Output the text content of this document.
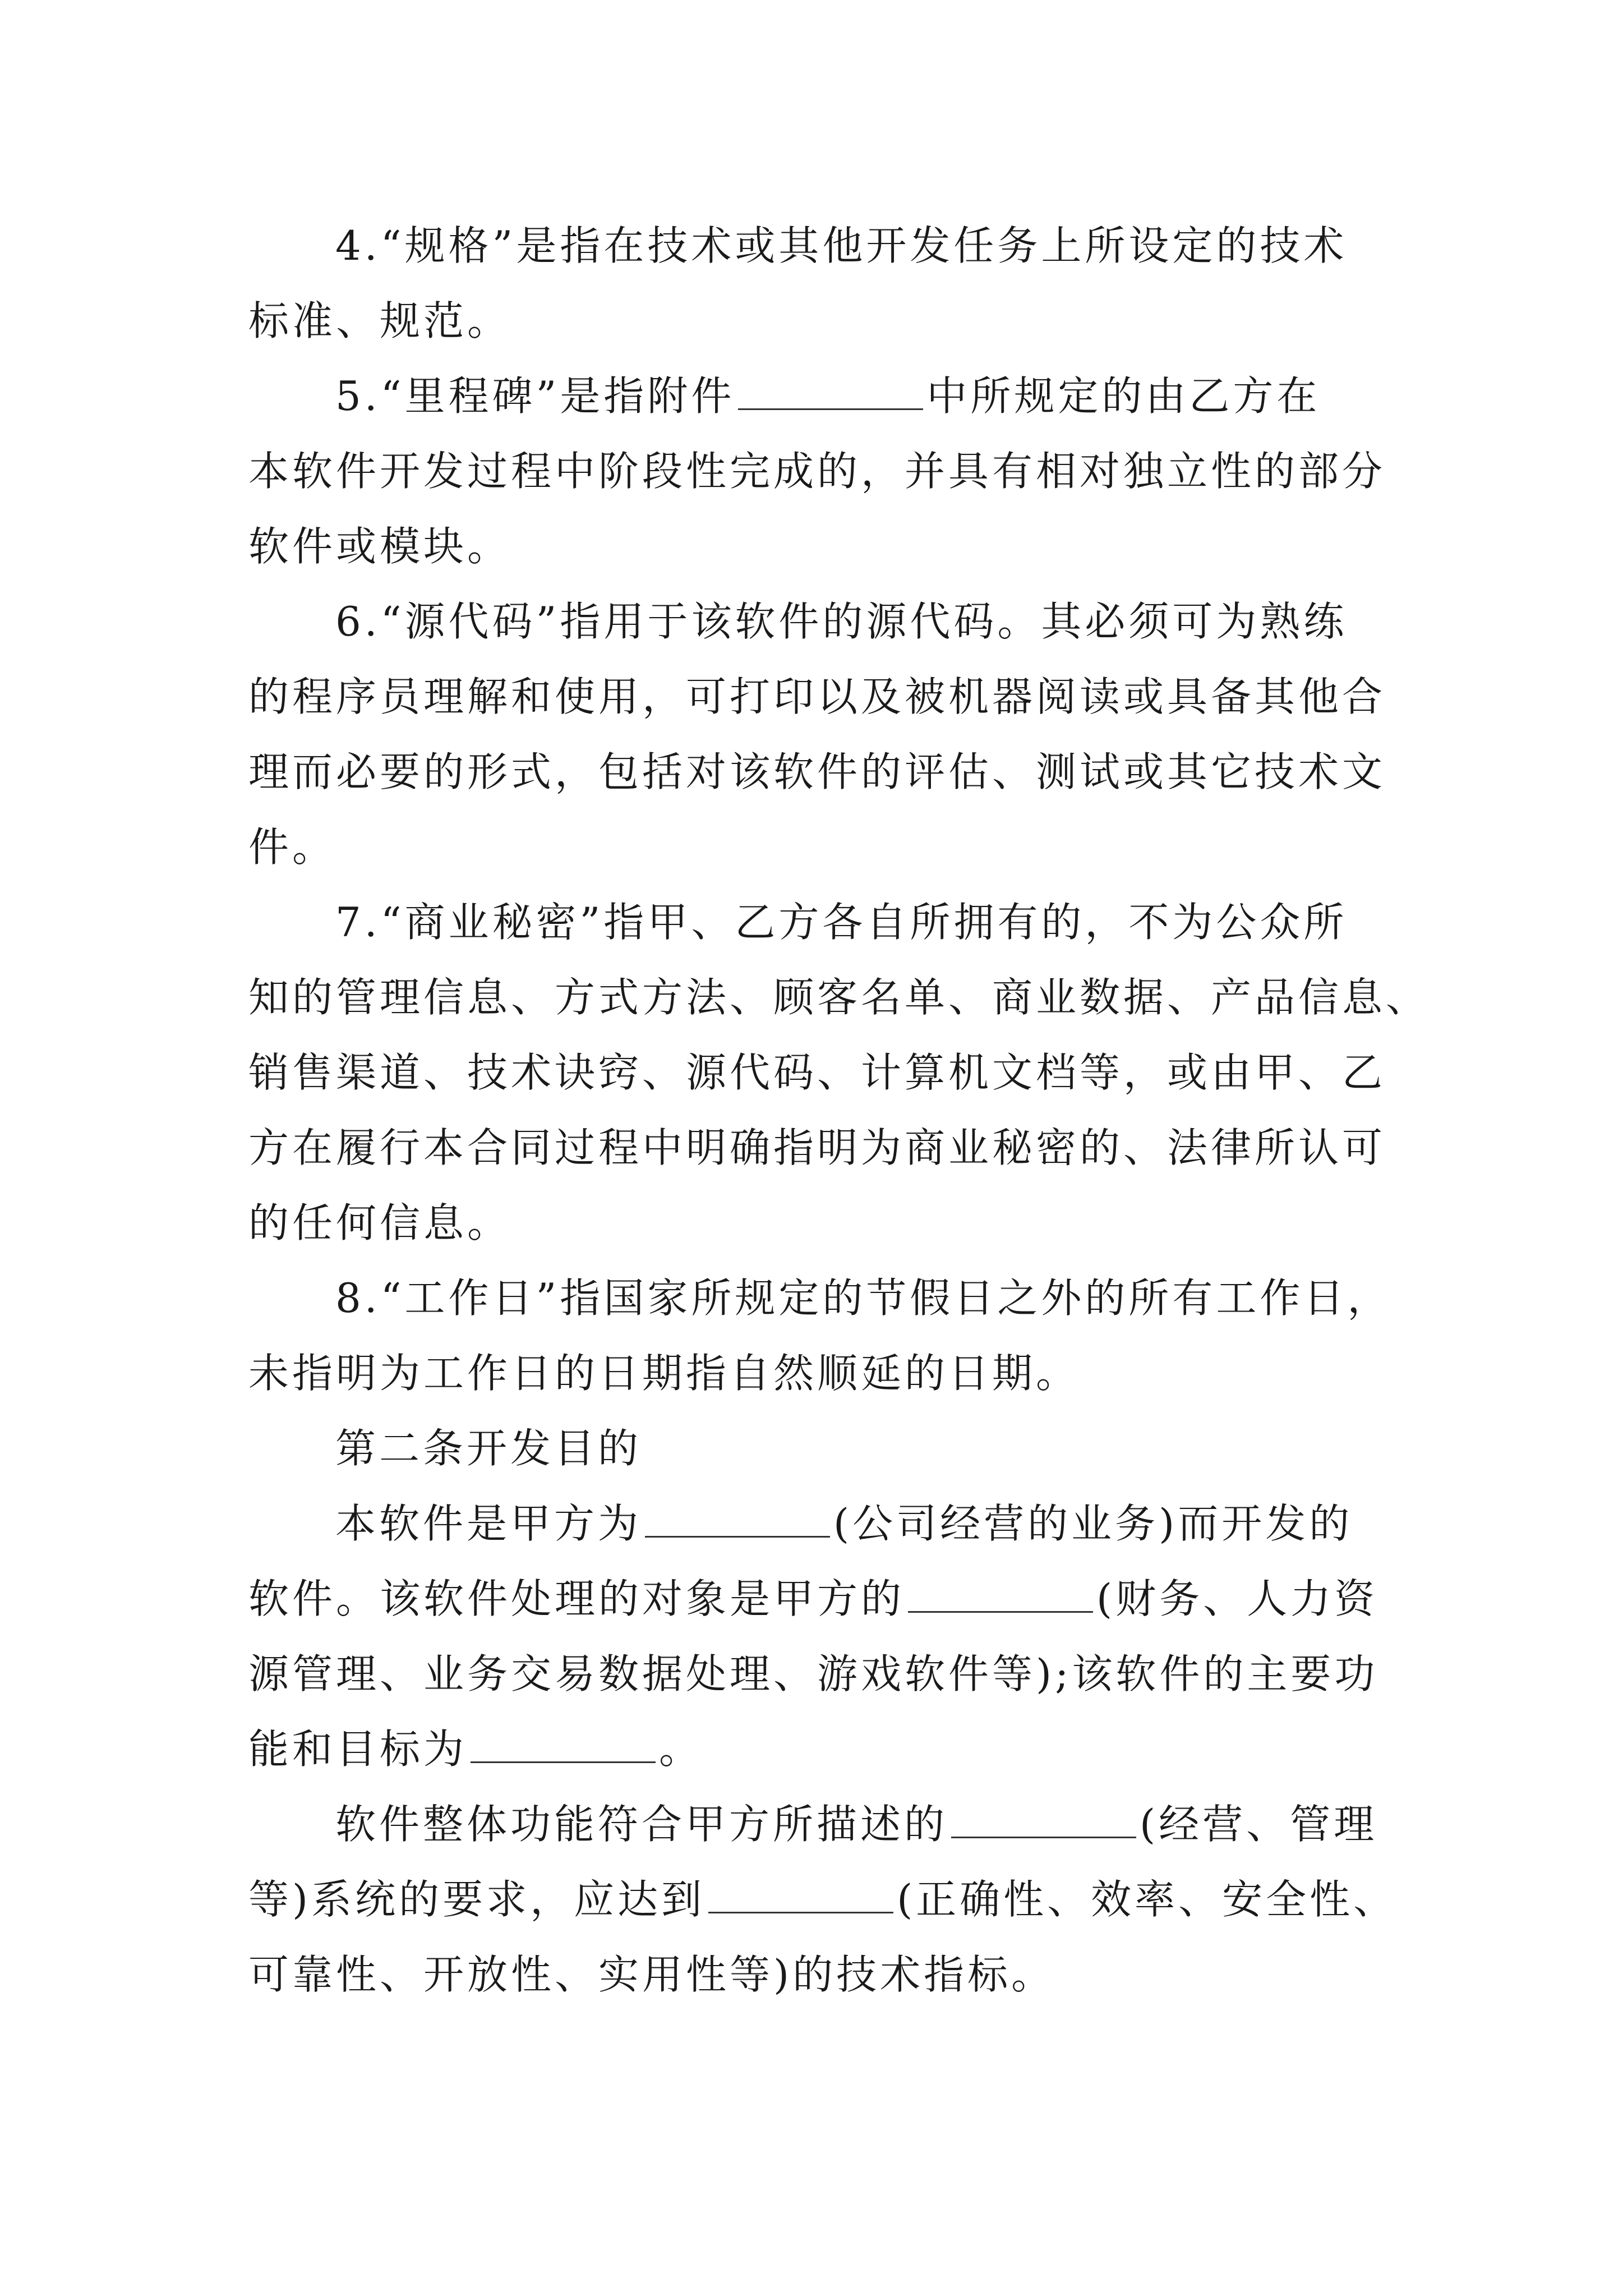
4.“规格”是指在技术或其他开发任务上所设定的技术
标准、规范。
5.“里程碑”是指附件	中所规定的由乙方在
本软件开发过程中阶段性完成的，并具有相对独立性的部分
软件或模块。
6.“源代码”指用于该软件的源代码。其必须可为熟练
的程序员理解和使用，可打印以及被机器阅读或具备其他合
理而必要的形式，包括对该软件的评估、测试或其它技术文
件。
7.“商业秘密”指甲、乙方各自所拥有的，不为公众所
知的管理信息、方式方法、顾客名单、商业数据、产品信息、
销售渠道、技术诀窍、源代码、计算机文档等，或由甲、乙
方在履行本合同过程中明确指明为商业秘密的、法律所认可
的任何信息。
8.“工作日”指国家所规定的节假日之外的所有工作日，
未指明为工作日的日期指自然顺延的日期。
第二条开发目的
本软件是甲方为	(公司经营的业务)而开发的
软件。该软件处理的对象是甲方的	(财务、人力资
源管理、业务交易数据处理、游戏软件等);该软件的主要功
能和目标为	。
软件整体功能符合甲方所描述的	(经营、管理
等)系统的要求，应达到	(正确性、效率、安全性、
可靠性、开放性、实用性等)的技术指标。
